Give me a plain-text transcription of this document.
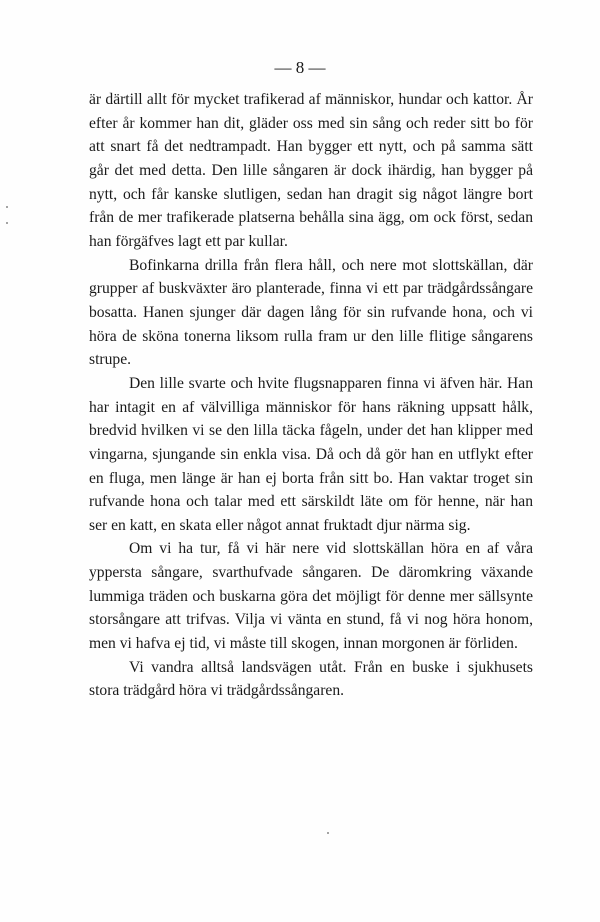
— 8 —

är därtill allt för mycket trafikerad af människor, hundar och kattor. År efter år kommer han dit, gläder oss med sin sång och reder sitt bo för att snart få det nedtrampadt. Han bygger ett nytt, och på samma sätt går det med detta. Den lille sångaren är dock ihärdig, han bygger på nytt, och får kanske slutligen, sedan han dragit sig något längre bort från de mer trafikerade platserna behålla sina ägg, om ock först, sedan han förgäfves lagt ett par kullar.

Bofinkarna drilla från flera håll, och nere mot slottskällan, där grupper af buskväxter äro planterade, finna vi ett par trädgårdssångare bosatta. Hanen sjunger där dagen lång för sin rufvande hona, och vi höra de sköna tonerna liksom rulla fram ur den lille flitige sångarens strupe.

Den lille svarte och hvite flugsnapparen finna vi äfven här. Han har intagit en af välvilliga människor för hans räkning uppsatt hålk, bredvid hvilken vi se den lilla täcka fågeln, under det han klipper med vingarna, sjungande sin enkla visa. Då och då gör han en utflykt efter en fluga, men länge är han ej borta från sitt bo. Han vaktar troget sin rufvande hona och talar med ett särskildt läte om för henne, när han ser en katt, en skata eller något annat fruktadt djur närma sig.

Om vi ha tur, få vi här nere vid slottskällan höra en af våra yppersta sångare, svarthufvade sångaren. De däromkring växande lummiga träden och buskarna göra det möjligt för denne mer sällsynte storsångare att trifvas. Vilja vi vänta en stund, få vi nog höra honom, men vi hafva ej tid, vi måste till skogen, innan morgonen är förliden.

Vi vandra alltså landsvägen utåt. Från en buske i sjukhusets stora trädgård höra vi trädgårdssångaren.
